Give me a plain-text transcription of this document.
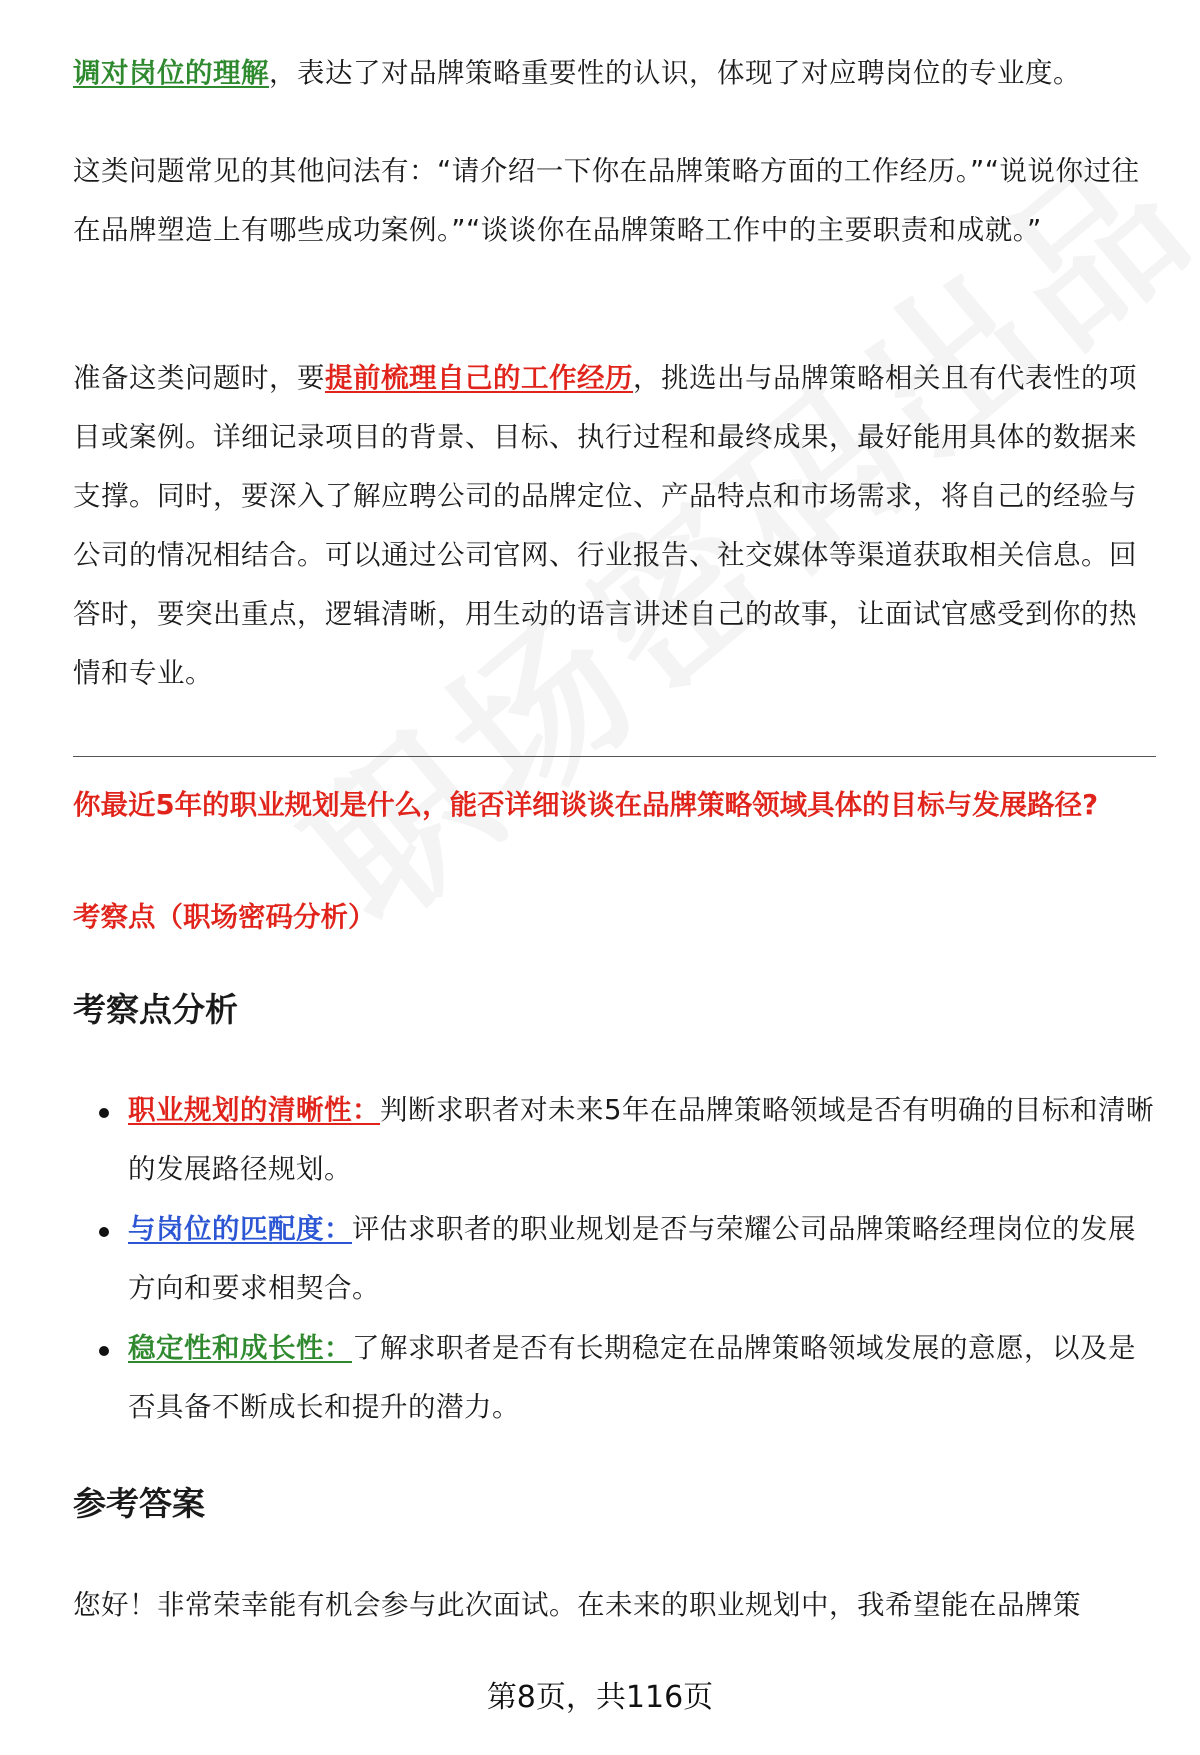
调对岗位的理解，表达了对品牌策略重要性的认识，体现了对应聘岗位的专业度。

这类问题常见的其他问法有：“请介绍一下你在品牌策略方面的工作经历。”“说说你过往在品牌塑造上有哪些成功案例。”“谈谈你在品牌策略工作中的主要职责和成就。”

准备这类问题时，要提前梳理自己的工作经历，挑选出与品牌策略相关且有代表性的项目或案例。详细记录项目的背景、目标、执行过程和最终成果，最好能用具体的数据来支撑。同时，要深入了解应聘公司的品牌定位、产品特点和市场需求，将自己的经验与公司的情况相结合。可以通过公司官网、行业报告、社交媒体等渠道获取相关信息。回答时，要突出重点，逻辑清晰，用生动的语言讲述自己的故事，让面试官感受到你的热情和专业。

你最近5年的职业规划是什么，能否详细谈谈在品牌策略领域具体的目标与发展路径?

考察点（职场密码分析）

考察点分析
职业规划的清晰性：判断求职者对未来5年在品牌策略领域是否有明确的目标和清晰的发展路径规划。
与岗位的匹配度：评估求职者的职业规划是否与荣耀公司品牌策略经理岗位的发展方向和要求相契合。
稳定性和成长性：了解求职者是否有长期稳定在品牌策略领域发展的意愿，以及是否具备不断成长和提升的潜力。
参考答案

您好！非常荣幸能有机会参与此次面试。在未来的职业规划中，我希望能在品牌策

第8页，共116页
